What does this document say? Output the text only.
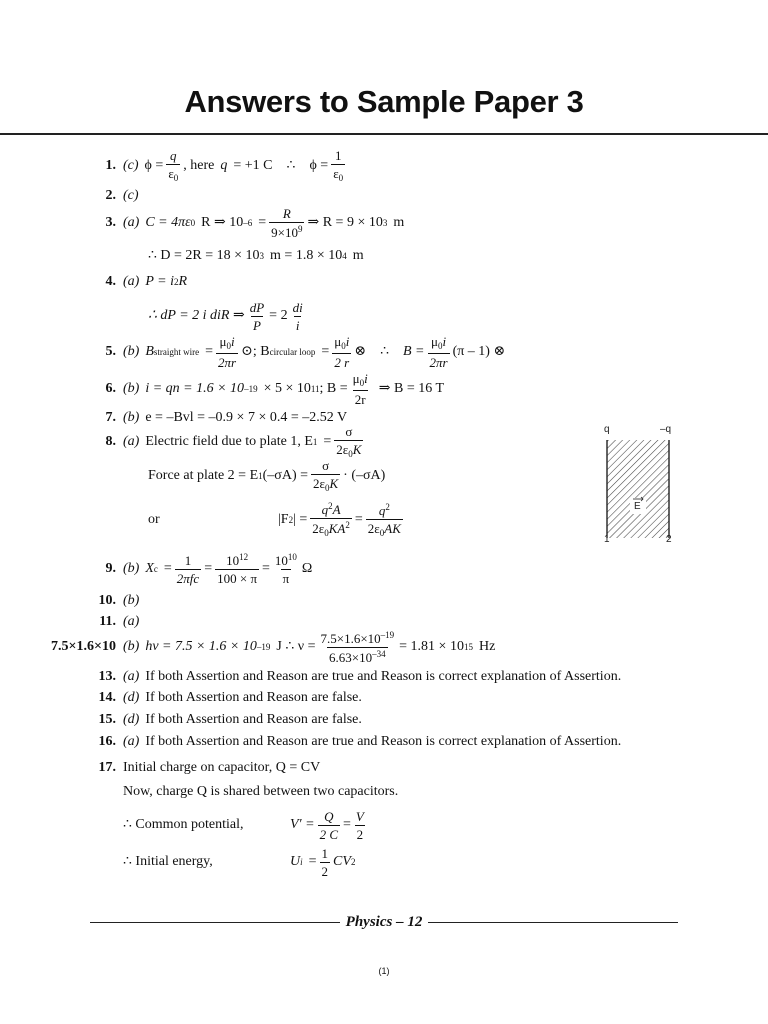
Answers to Sample Paper 3
1. (c) $\phi = \frac{q}{\varepsilon_0}$ , here q = +1 C ∴ $\phi = \frac{1}{\varepsilon_0}$
2. (c)
3. (a) C = 4πε 0 R ⇒ 10 $-6 = \frac{R}{9\times 10^9}$ ⇒ R = 9 × 10 3 m
∴ D = 2R = 18 × 10 3 m = 1.8 × 10 4 m
4. (a) P = i 2 R
∴ dP = 2 i diR ⇒ $\frac{dP}{P} = 2 \frac{di}{i}$
5. (b) B straight wire = $\frac{\mu_0i}{2\pi r}$ ⊙; B circular loop = $\frac{\mu_0i}{2 r}$ ⊗ ∴ $B = \frac{\mu_0i}{2\pi r} (\pi - 1)$ ⊗
6. (b) i = qn = 1.6 × 10 –19 × 5 × 10 11 ; $B = \frac{\mu_0i}{2r}$ ⇒ B = 16 T
7. (b) e = –Bvl = –0.9 × 7 × 0.4 = –2.52 V
8. (a) Electric field due to plate 1, E $1 = \frac{\sigma}{2\varepsilon_0K}$
Force at plate 2 = E 1 $(-\sigma A) = \frac{\sigma}{2\varepsilon_0K} \cdot (-\sigma A)$
or	|F 2 | = $\frac{q^2A}{2\varepsilon_0KA^2} = \frac{q^2}{2\varepsilon_0AK}$
q	–q
E
1	2
9. (b) X $c = \frac{1}{\text{2πfc}} = \frac{10^{12}}{100 \times \pi} = \frac{10^{10}}{\pi}$ Ω
10. (b)
11. (a)
7.5×1.6×10 (b) hν = 7.5 × 1.6 × 10 –19 J ∴ $\nu = \frac{7.5\times 1.6\times 10^{-19}}{6.63\times 10^{-34}} = 1.81 \times 10$ 15 Hz
13. (a) If both Assertion and Reason are true and Reason is correct explanation of Assertion.
14. (d) If both Assertion and Reason are false.
15. (d) If both Assertion and Reason are false.
16. (a) If both Assertion and Reason are true and Reason is correct explanation of Assertion.
17. Initial charge on capacitor, Q = CV
Now, charge Q is shared between two capacitors.
∴ Common potential,	$V' = \frac{Q}{2 C} = \frac{V}{2}$
∴ Initial energy,	U $i = \frac{1}{2}$ CV 2
Physics – 12
(1)
